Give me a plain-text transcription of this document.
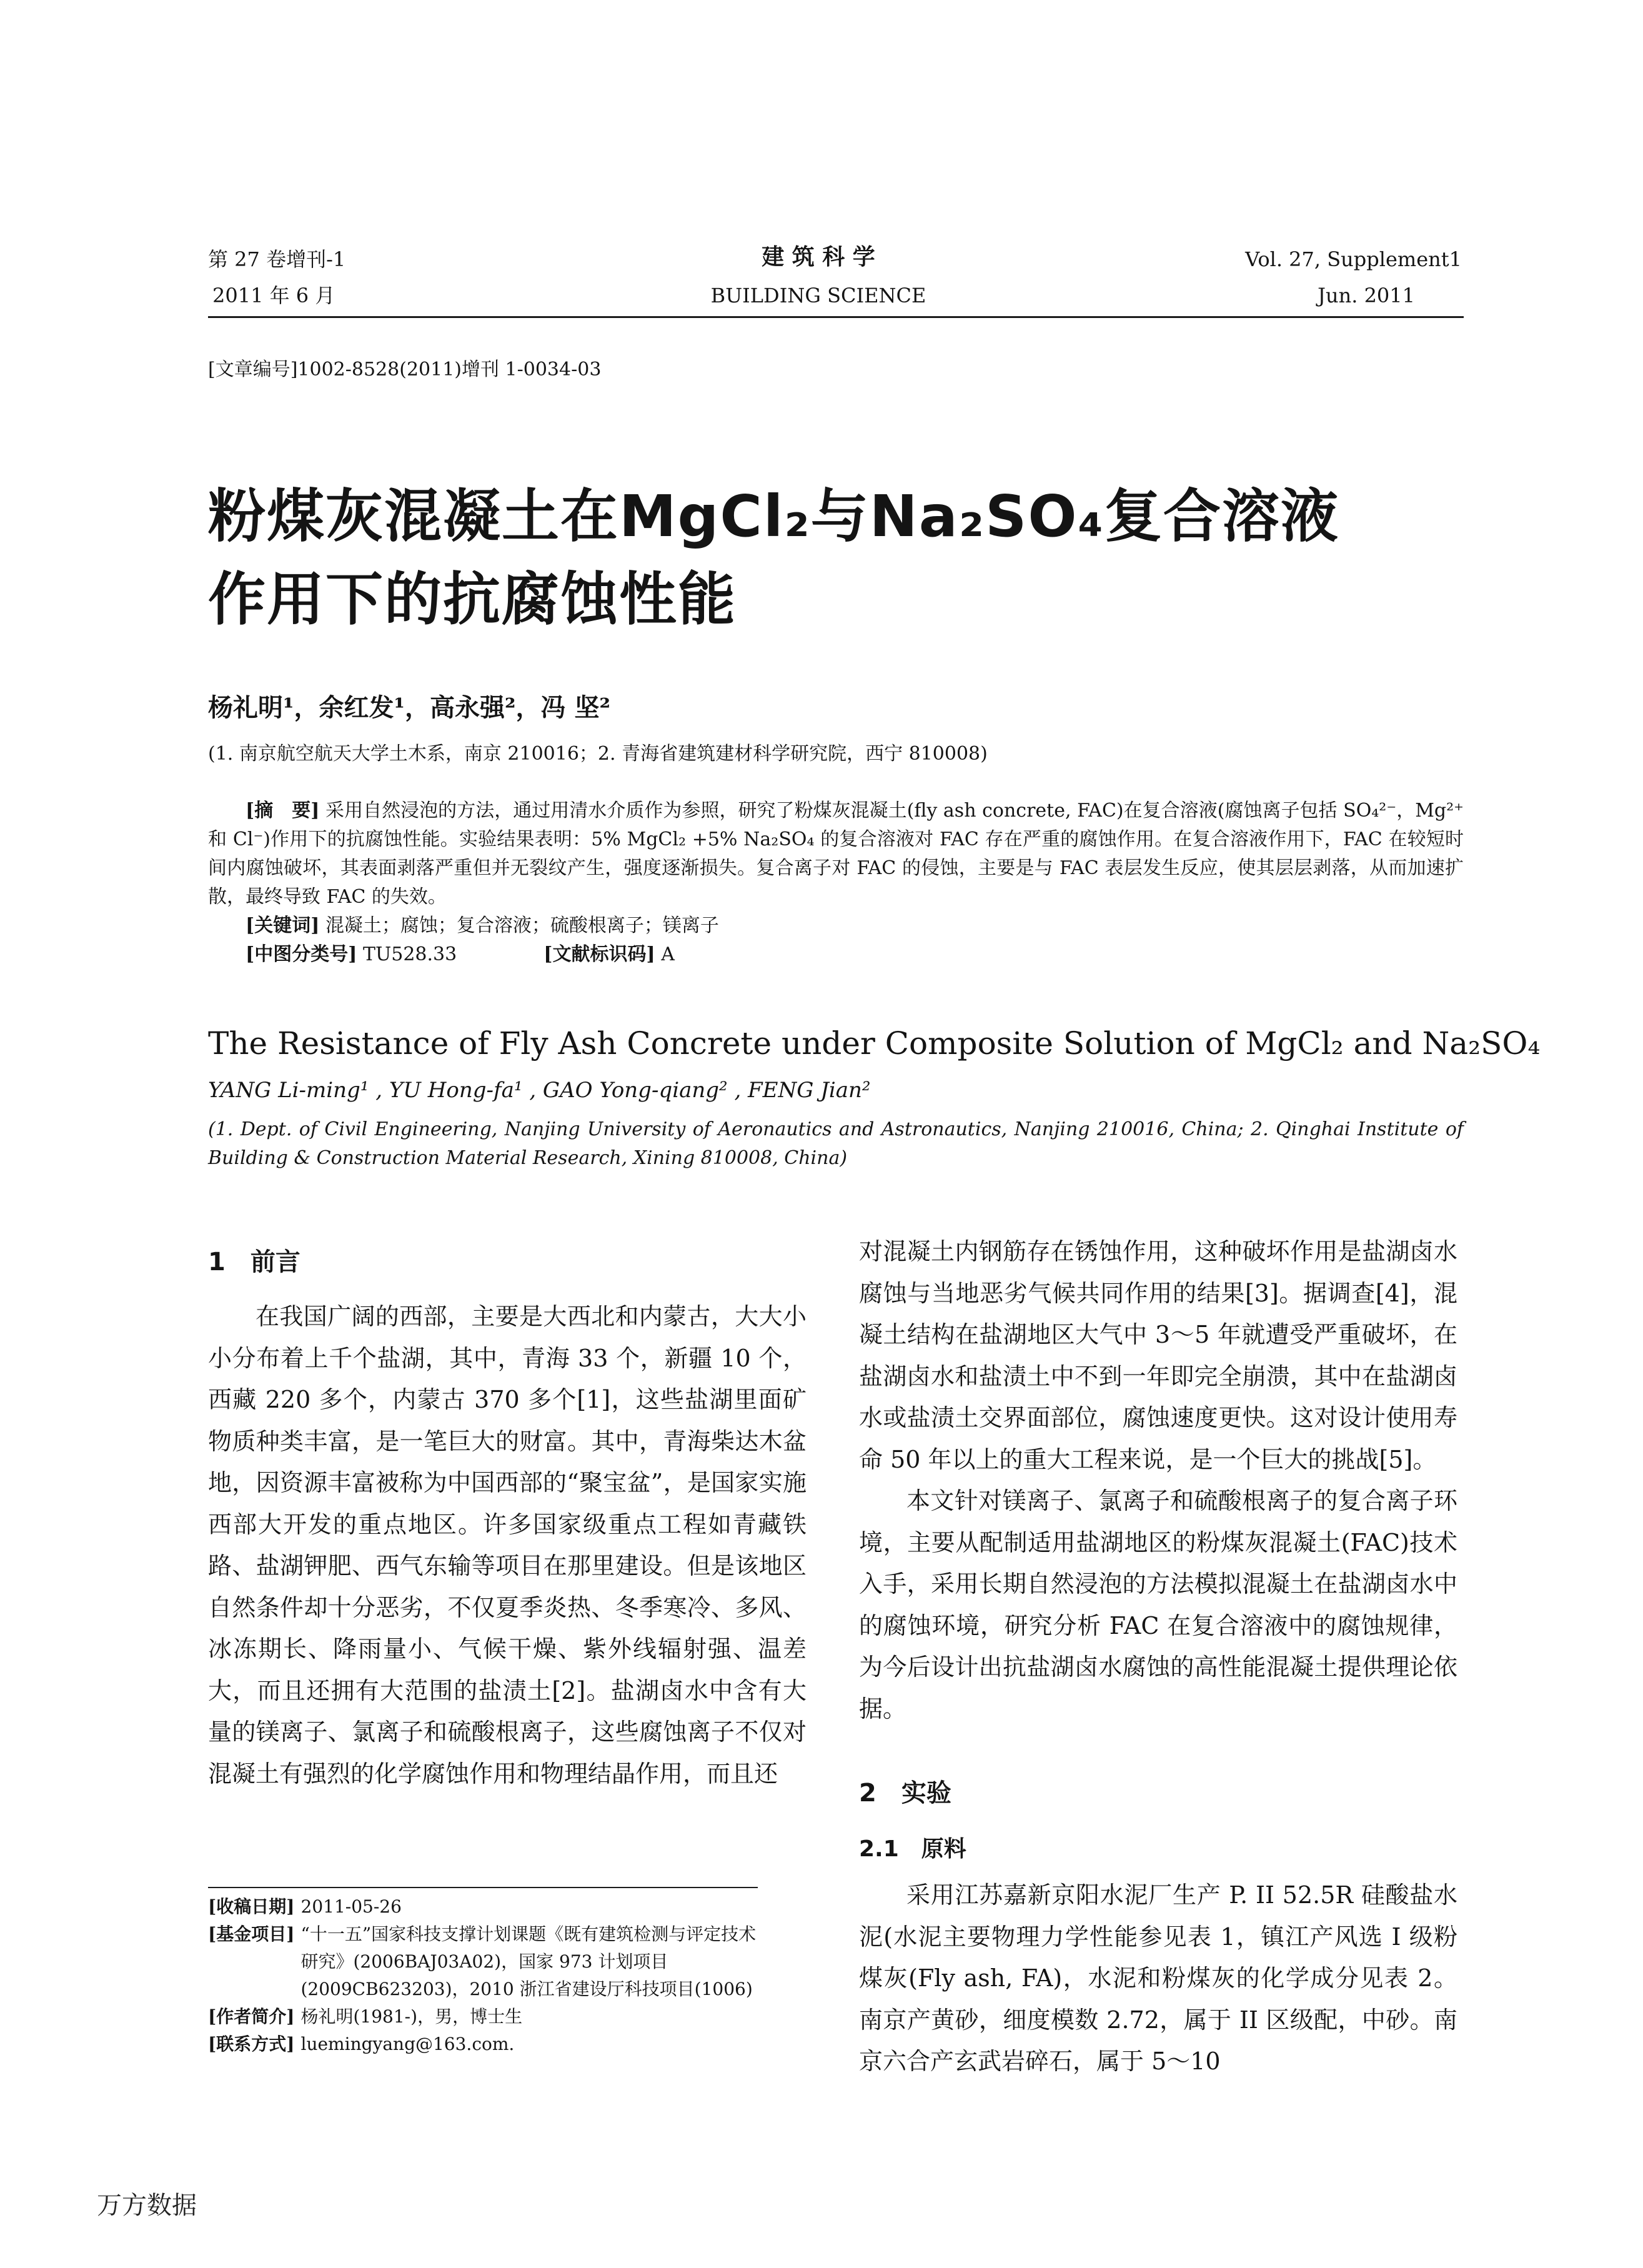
第 27 卷增刊-1
2011 年 6 月
建 筑 科 学
BUILDING SCIENCE
Vol. 27, Supplement1
Jun. 2011
[文章编号]1002-8528(2011)增刊 1-0034-03
粉煤灰混凝土在MgCl₂与Na₂SO₄复合溶液
作用下的抗腐蚀性能
杨礼明¹，余红发¹，高永强²，冯 坚²
(1. 南京航空航天大学土木系，南京 210016；2. 青海省建筑建材科学研究院，西宁 810008)
[摘　要] 采用自然浸泡的方法，通过用清水介质作为参照，研究了粉煤灰混凝土(fly ash concrete, FAC)在复合溶液(腐蚀离子包括 SO₄²⁻，Mg²⁺ 和 Cl⁻)作用下的抗腐蚀性能。实验结果表明：5% MgCl₂ +5% Na₂SO₄ 的复合溶液对 FAC 存在严重的腐蚀作用。在复合溶液作用下，FAC 在较短时间内腐蚀破坏，其表面剥落严重但并无裂纹产生，强度逐渐损失。复合离子对 FAC 的侵蚀，主要是与 FAC 表层发生反应，使其层层剥落，从而加速扩散，最终导致 FAC 的失效。
[关键词] 混凝土；腐蚀；复合溶液；硫酸根离子；镁离子
[中图分类号] TU528.33	[文献标识码] A
The Resistance of Fly Ash Concrete under Composite Solution of MgCl₂ and Na₂SO₄
YANG Li-ming¹ , YU Hong-fa¹ , GAO Yong-qiang² , FENG Jian²
(1. Dept. of Civil Engineering, Nanjing University of Aeronautics and Astronautics, Nanjing 210016, China; 2. Qinghai Institute of Building & Construction Material Research, Xining 810008, China)
1　前言

在我国广阔的西部，主要是大西北和内蒙古，大大小小分布着上千个盐湖，其中，青海 33 个，新疆 10 个，西藏 220 多个，内蒙古 370 多个[1]，这些盐湖里面矿物质种类丰富，是一笔巨大的财富。其中，青海柴达木盆地，因资源丰富被称为中国西部的“聚宝盆”，是国家实施西部大开发的重点地区。许多国家级重点工程如青藏铁路、盐湖钾肥、西气东输等项目在那里建设。但是该地区自然条件却十分恶劣，不仅夏季炎热、冬季寒冷、多风、冰冻期长、降雨量小、气候干燥、紫外线辐射强、温差大，而且还拥有大范围的盐渍土[2]。盐湖卤水中含有大量的镁离子、氯离子和硫酸根离子，这些腐蚀离子不仅对混凝土有强烈的化学腐蚀作用和物理结晶作用，而且还

[收稿日期] 2011-05-26
[基金项目] “十一五”国家科技支撑计划课题《既有建筑检测与评定技术研究》(2006BAJ03A02)，国家 973 计划项目(2009CB623203)，2010 浙江省建设厅科技项目(1006)
[作者简介] 杨礼明(1981-)，男，博士生
[联系方式] luemingyang@163.com.

对混凝土内钢筋存在锈蚀作用，这种破坏作用是盐湖卤水腐蚀与当地恶劣气候共同作用的结果[3]。据调查[4]，混凝土结构在盐湖地区大气中 3～5 年就遭受严重破坏，在盐湖卤水和盐渍土中不到一年即完全崩溃，其中在盐湖卤水或盐渍土交界面部位，腐蚀速度更快。这对设计使用寿命 50 年以上的重大工程来说，是一个巨大的挑战[5]。

本文针对镁离子、氯离子和硫酸根离子的复合离子环境，主要从配制适用盐湖地区的粉煤灰混凝土(FAC)技术入手，采用长期自然浸泡的方法模拟混凝土在盐湖卤水中的腐蚀环境，研究分析 FAC 在复合溶液中的腐蚀规律，为今后设计出抗盐湖卤水腐蚀的高性能混凝土提供理论依据。

2　实验
2.1　原料

采用江苏嘉新京阳水泥厂生产 P. II 52.5R 硅酸盐水泥(水泥主要物理力学性能参见表 1，镇江产风选 I 级粉煤灰(Fly ash, FA)，水泥和粉煤灰的化学成分见表 2。南京产黄砂，细度模数 2.72，属于 II 区级配，中砂。南京六合产玄武岩碎石，属于 5～10

万方数据
